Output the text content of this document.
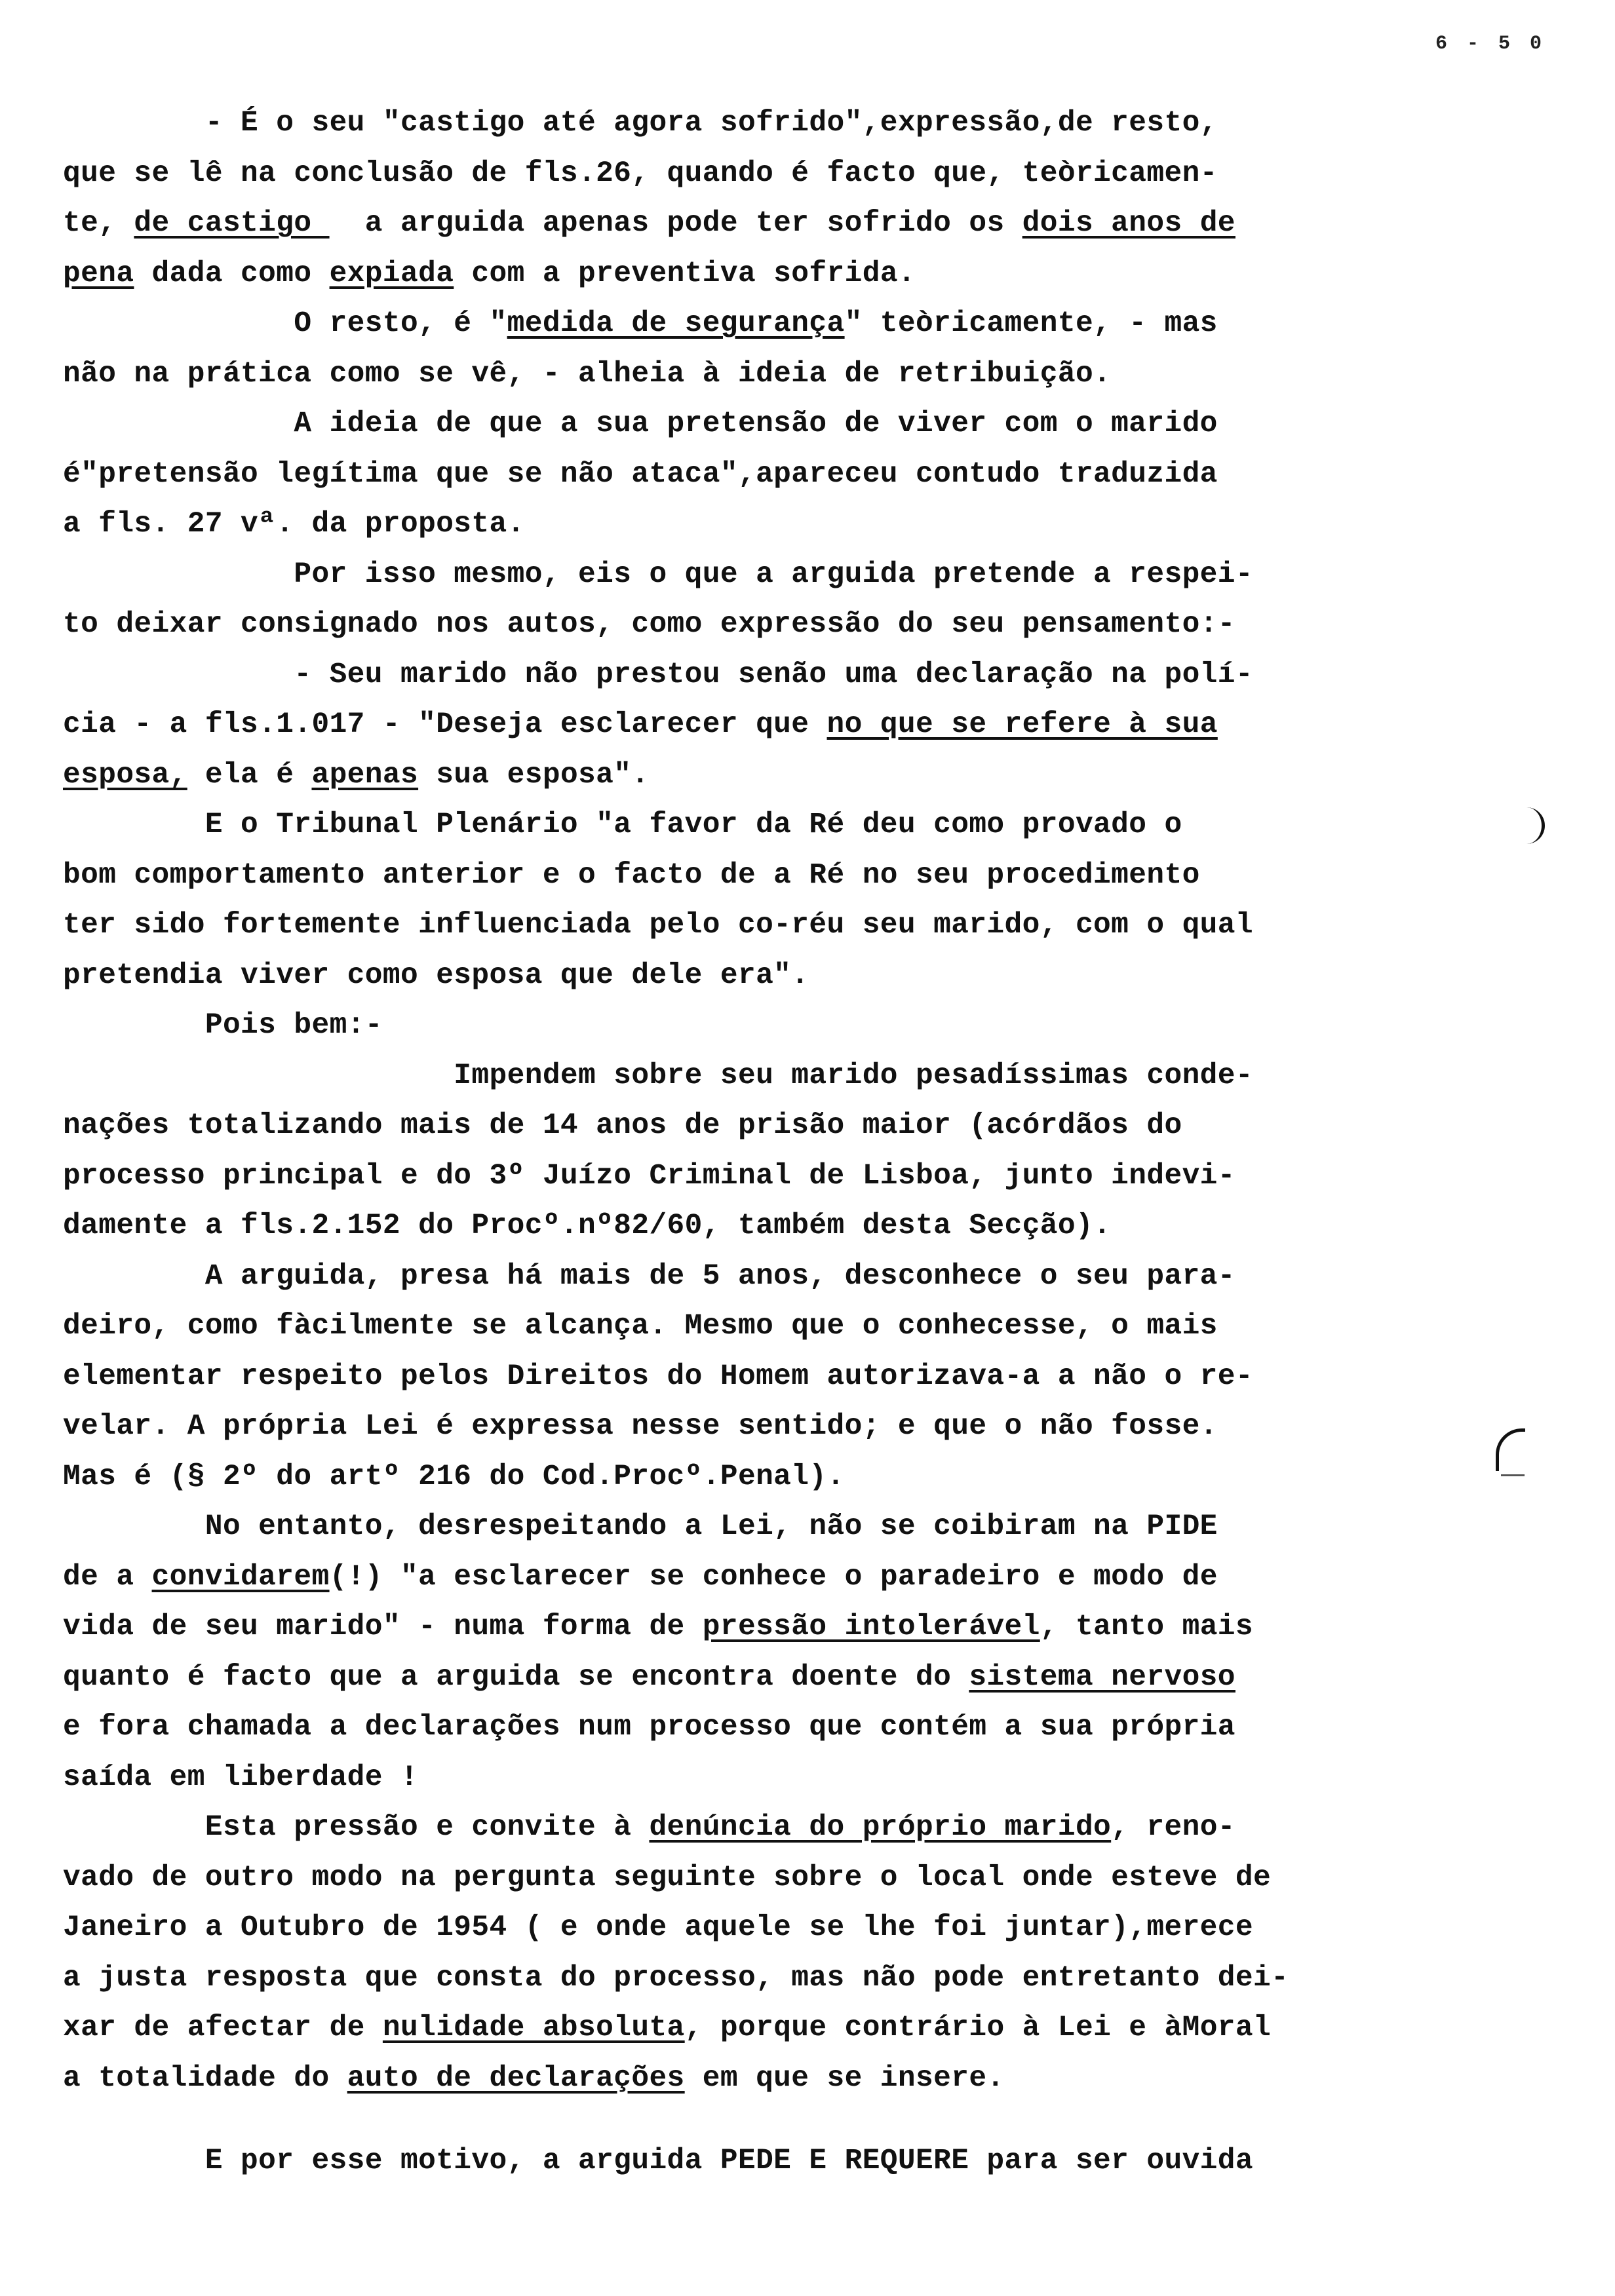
6 - 5 0
- É o seu "castigo até agora sofrido",expressão,de resto,
que se lê na conclusão de fls.26, quando é facto que, teòricamen-
te, de castigo   a arguida apenas pode ter sofrido os dois anos de
pena dada como expiada com a preventiva sofrida.
O resto, é "medida de segurança" teòricamente, - mas
não na prática como se vê, - alheia à ideia de retribuição.
A ideia de que a sua pretensão de viver com o marido
é"pretensão legítima que se não ataca",apareceu contudo traduzida
a fls. 27 vª. da proposta.
Por isso mesmo, eis o que a arguida pretende a respei-
to deixar consignado nos autos, como expressão do seu pensamento:-
- Seu marido não prestou senão uma declaração na polí-
cia - a fls.1.017 - "Deseja esclarecer que no que se refere à sua
esposa, ela é apenas sua esposa".
E o Tribunal Plenário "a favor da Ré deu como provado o
bom comportamento anterior e o facto de a Ré no seu procedimento
ter sido fortemente influenciada pelo co-réu seu marido, com o qual
pretendia viver como esposa que dele era".
Pois bem:-
Impendem sobre seu marido pesadíssimas conde-
nações totalizando mais de 14 anos de prisão maior (acórdãos do
processo principal e do 3º Juízo Criminal de Lisboa, junto indevi-
damente a fls.2.152 do Procº.nº82/60, também desta Secção).
A arguida, presa há mais de 5 anos, desconhece o seu para-
deiro, como fàcilmente se alcança. Mesmo que o conhecesse, o mais
elementar respeito pelos Direitos do Homem autorizava-a a não o re-
velar. A própria Lei é expressa nesse sentido; e que o não fosse.
Mas é (§ 2º do artº 216 do Cod.Procº.Penal).
No entanto, desrespeitando a Lei, não se coibiram na PIDE
de a convidarem(!) "a esclarecer se conhece o paradeiro e modo de
vida de seu marido" - numa forma de pressão intolerável, tanto mais
quanto é facto que a arguida se encontra doente do sistema nervoso
e fora chamada a declarações num processo que contém a sua própria
saída em liberdade !
Esta pressão e convite à denúncia do próprio marido, reno-
vado de outro modo na pergunta seguinte sobre o local onde esteve de
Janeiro a Outubro de 1954 ( e onde aquele se lhe foi juntar),merece
a justa resposta que consta do processo, mas não pode entretanto dei-
xar de afectar de nulidade absoluta, porque contrário à Lei e àMoral
a totalidade do auto de declarações em que se insere.
E por esse motivo, a arguida PEDE E REQUERE para ser ouvida
